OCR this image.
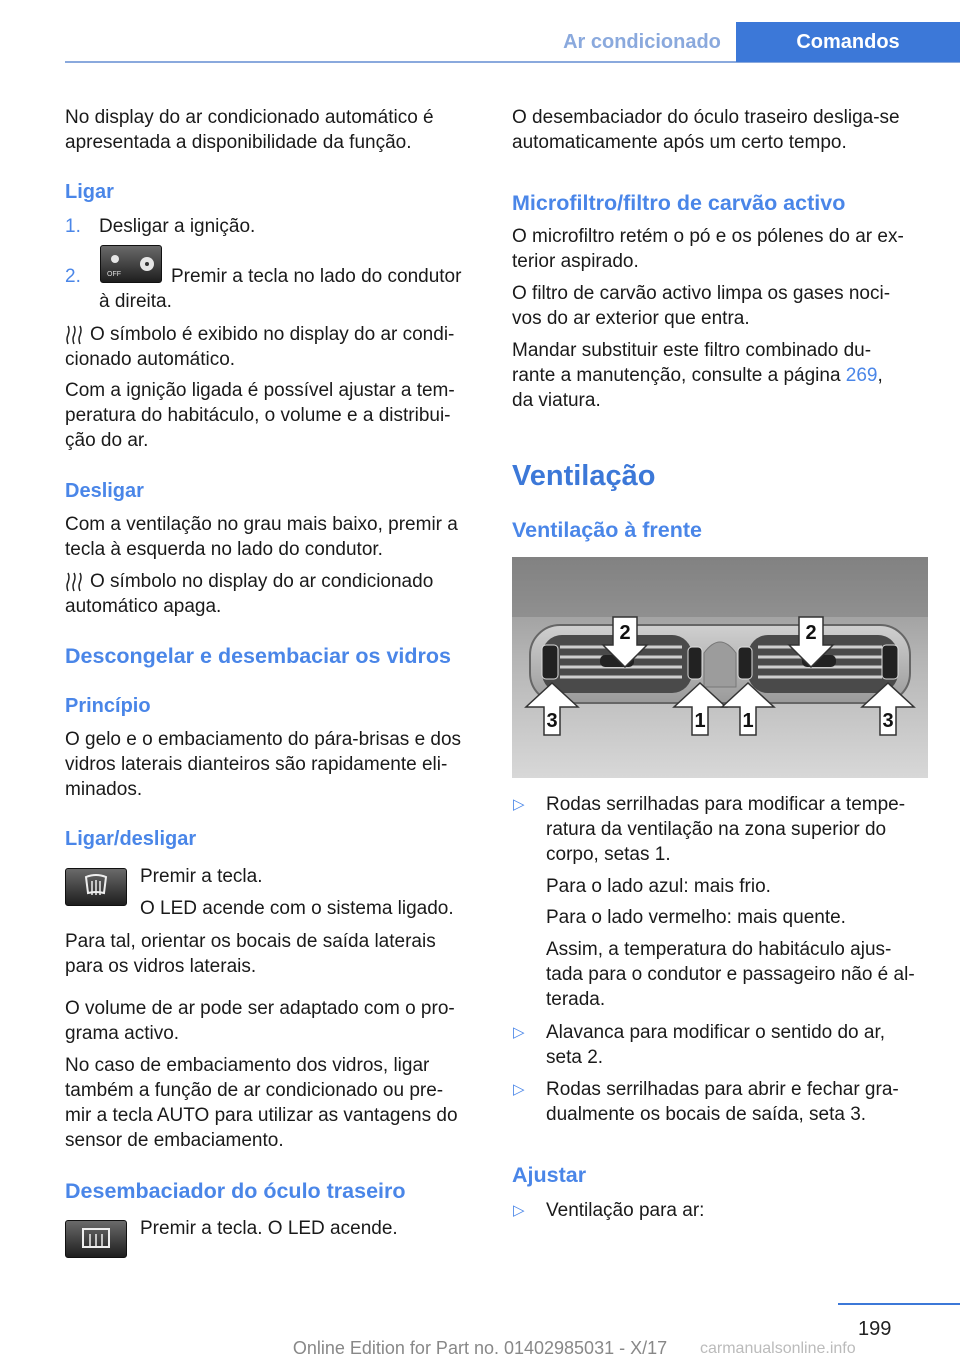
Ar condicionado	Comandos
No display do ar condicionado automático é
apresentada a disponibilidade da função.
Ligar
1. Desligar a ignição.
2.	OFF	Premir a tecla no lado do condutor
à direita.
O símbolo é exibido no display do ar condi‐
cionado automático.
Com a ignição ligada é possível ajustar a tem‐
peratura do habitáculo, o volume e a distribui‐
ção do ar.
Desligar
Com a ventilação no grau mais baixo, premir a
tecla à esquerda no lado do condutor.
O símbolo no display do ar condicionado
automático apaga.
Descongelar e desembaciar os vidros
Princípio
O gelo e o embaciamento do pára-brisas e dos
vidros laterais dianteiros são rapidamente eli‐
minados.
Ligar/desligar
Premir a tecla.
O LED acende com o sistema ligado.
Para tal, orientar os bocais de saída laterais
para os vidros laterais.
O volume de ar pode ser adaptado com o pro‐
grama activo.
No caso de embaciamento dos vidros, ligar
também a função de ar condicionado ou pre‐
mir a tecla AUTO para utilizar as vantagens do
sensor de embaciamento.
Desembaciador do óculo traseiro
Premir a tecla. O LED acende.
O desembaciador do óculo traseiro desliga-se
automaticamente após um certo tempo.
Microfiltro/filtro de carvão activo
O microfiltro retém o pó e os pólenes do ar ex‐
terior aspirado.
O filtro de carvão activo limpa os gases noci‐
vos do ar exterior que entra.
Mandar substituir este filtro combinado du‐
rante a manutenção, consulte a página 269,
da viatura.
Ventilação
Ventilação à frente
2	2
3	1 1	3
▷ Rodas serrilhadas para modificar a tempe‐
ratura da ventilação na zona superior do
corpo, setas 1.
Para o lado azul: mais frio.
Para o lado vermelho: mais quente.
Assim, a temperatura do habitáculo ajus‐
tada para o condutor e passageiro não é al‐
terada.
▷ Alavanca para modificar o sentido do ar,
seta 2.
▷ Rodas serrilhadas para abrir e fechar gra‐
dualmente os bocais de saída, seta 3.
Ajustar
▷ Ventilação para ar:
199
Online Edition for Part no. 01402985031 - X/17	carmanualsonline.info
